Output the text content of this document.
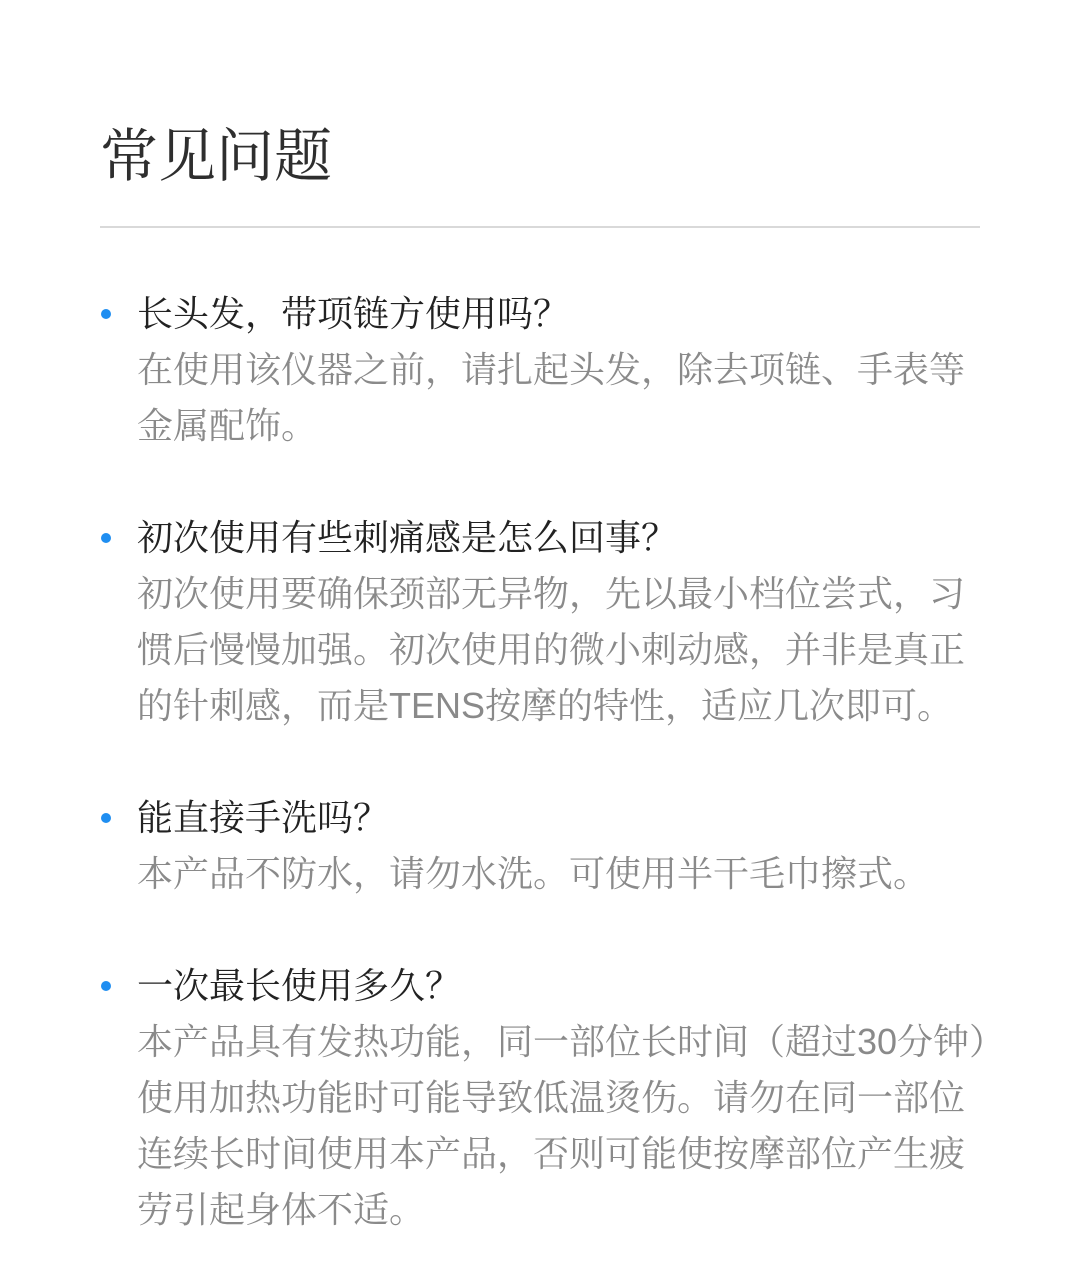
常见问题
长头发，带项链方使用吗？
在使用该仪器之前，请扎起头发，除去项链、手表等
金属配饰。
初次使用有些刺痛感是怎么回事？
初次使用要确保颈部无异物，先以最小档位尝式，习
惯后慢慢加强。初次使用的微小刺动感，并非是真正
的针刺感，而是TENS按摩的特性，适应几次即可。
能直接手洗吗？
本产品不防水，请勿水洗。可使用半干毛巾擦式。
一次最长使用多久？
本产品具有发热功能，同一部位长时间（超过30分钟）
使用加热功能时可能导致低温烫伤。请勿在同一部位
连续长时间使用本产品，否则可能使按摩部位产生疲
劳引起身体不适。
